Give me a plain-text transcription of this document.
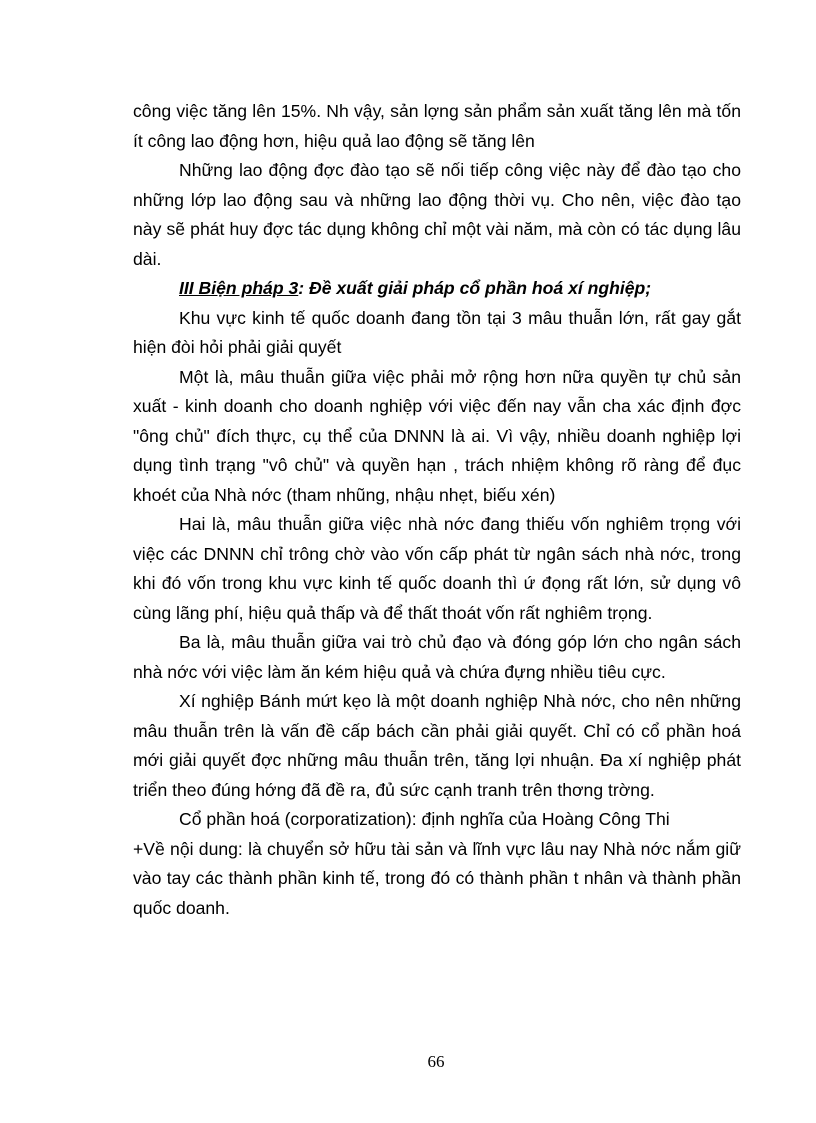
công việc tăng lên 15%. Nh vậy, sản lợng sản phẩm sản xuất tăng lên mà tốn ít công lao động hơn, hiệu quả lao động sẽ tăng lên

Những lao động đợc đào tạo sẽ nối tiếp công việc này để đào tạo cho những lớp lao động sau và những lao động thời vụ. Cho nên, việc đào tạo này sẽ phát huy đợc tác dụng không chỉ một vài năm, mà còn có tác dụng lâu dài.

III Biện pháp 3: Đề xuất giải pháp cổ phần hoá xí nghiệp;

Khu vực kinh tế quốc doanh đang tồn tại 3 mâu thuẫn lớn, rất gay gắt hiện đòi hỏi phải giải quyết

Một là, mâu thuẫn giữa việc phải mở rộng hơn nữa quyền tự chủ sản xuất - kinh doanh cho doanh nghiệp với việc đến nay vẫn cha xác định đợc "ông chủ" đích thực, cụ thể của DNNN là ai. Vì vậy, nhiều doanh nghiệp lợi dụng tình trạng "vô chủ" và quyền hạn , trách nhiệm không rõ ràng để đục khoét của Nhà nớc (tham nhũng, nhậu nhẹt, biếu xén)

Hai là, mâu thuẫn giữa việc nhà nớc đang thiếu vốn nghiêm trọng với việc các DNNN chỉ trông chờ vào vốn cấp phát từ ngân sách nhà nớc, trong khi đó vốn trong khu vực kinh tế quốc doanh thì ứ đọng rất lớn, sử dụng vô cùng lãng phí, hiệu quả thấp và để thất thoát vốn rất nghiêm trọng.

Ba là, mâu thuẫn giữa vai trò chủ đạo và đóng góp lớn cho ngân sách nhà nớc với việc làm ăn kém hiệu quả và chứa đựng nhiều tiêu cực.

Xí nghiệp Bánh mứt kẹo là một doanh nghiệp Nhà nớc, cho nên những mâu thuẫn trên là vấn đề cấp bách cần phải giải quyết. Chỉ có cổ phần hoá mới giải quyết đợc những mâu thuẫn trên, tăng lợi nhuận. Đa xí nghiệp phát triển theo đúng hớng đã đề ra, đủ sức cạnh tranh trên thơng trờng.

Cổ phần hoá (corporatization): định nghĩa của Hoàng Công Thi

+Về nội dung: là chuyển sở hữu tài sản và lĩnh vực lâu nay Nhà nớc nắm giữ vào tay các thành phần kinh tế, trong đó có thành phần t nhân và thành phần quốc doanh.

66
